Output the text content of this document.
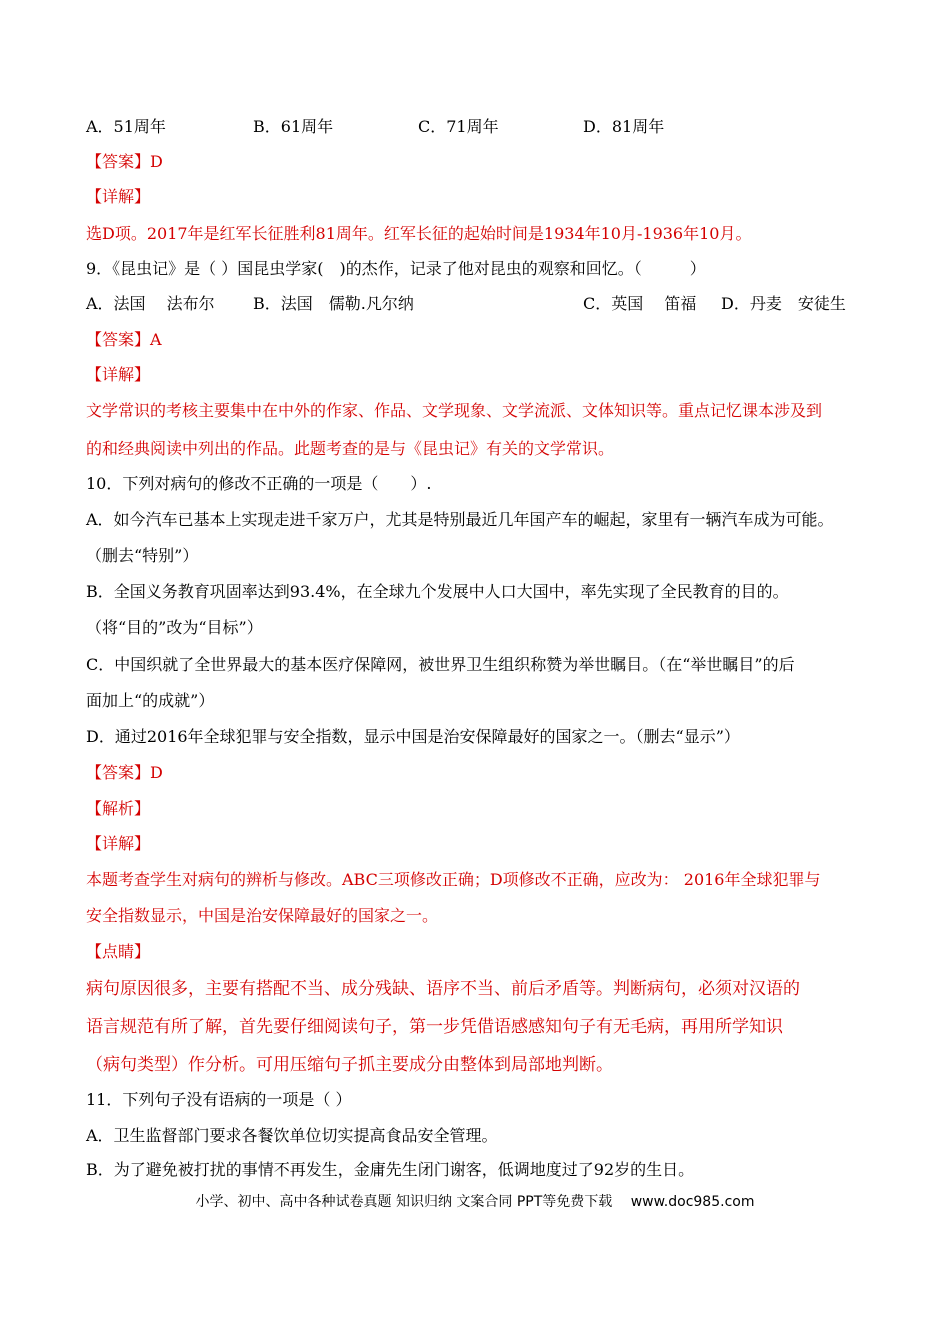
A．51周年	B．61周年	C．71周年	D．81周年
【答案】D
【详解】
选D项。2017年是红军长征胜利81周年。红军长征的起始时间是1934年10月-1936年10月。
9．《昆虫记》是（ ）国昆虫学家(　)的杰作，记录了他对昆虫的观察和回忆。（　　　）
A．法国　 法布尔 B．法国　儒勒.凡尔纳	C．英国　 笛福 D．丹麦　安徒生
【答案】A
【详解】
文学常识的考核主要集中在中外的作家、作品、文学现象、文学流派、文体知识等。重点记忆课本涉及到
的和经典阅读中列出的作品。此题考查的是与《昆虫记》有关的文学常识。
10．下列对病句的修改不正确的一项是（　　）.
A．如今汽车已基本上实现走进千家万户，尤其是特别最近几年国产车的崛起，家里有一辆汽车成为可能。
（删去“特别”）
B．全国义务教育巩固率达到93.4%，在全球九个发展中人口大国中，率先实现了全民教育的目的。
（将“目的”改为“目标”）
C．中国织就了全世界最大的基本医疗保障网，被世界卫生组织称赞为举世瞩目。（在“举世瞩目”的后
面加上“的成就”）
D．通过2016年全球犯罪与安全指数，显示中国是治安保障最好的国家之一。（删去“显示”）
【答案】D
【解析】
【详解】
本题考查学生对病句的辨析与修改。ABC三项修改正确；D项修改不正确，应改为： 2016年全球犯罪与
安全指数显示，中国是治安保障最好的国家之一。
【点睛】
病句原因很多，主要有搭配不当、成分残缺、语序不当、前后矛盾等。判断病句，必须对汉语的
语言规范有所了解，首先要仔细阅读句子，第一步凭借语感感知句子有无毛病，再用所学知识
（病句类型）作分析。可用压缩句子抓主要成分由整体到局部地判断。
11．下列句子没有语病的一项是（ ）
A．卫生监督部门要求各餐饮单位切实提高食品安全管理。
B．为了避免被打扰的事情不再发生，金庸先生闭门谢客，低调地度过了92岁的生日。
小学、初中、高中各种试卷真题 知识归纳 文案合同 PPT等免费下载　 www.doc985.com
